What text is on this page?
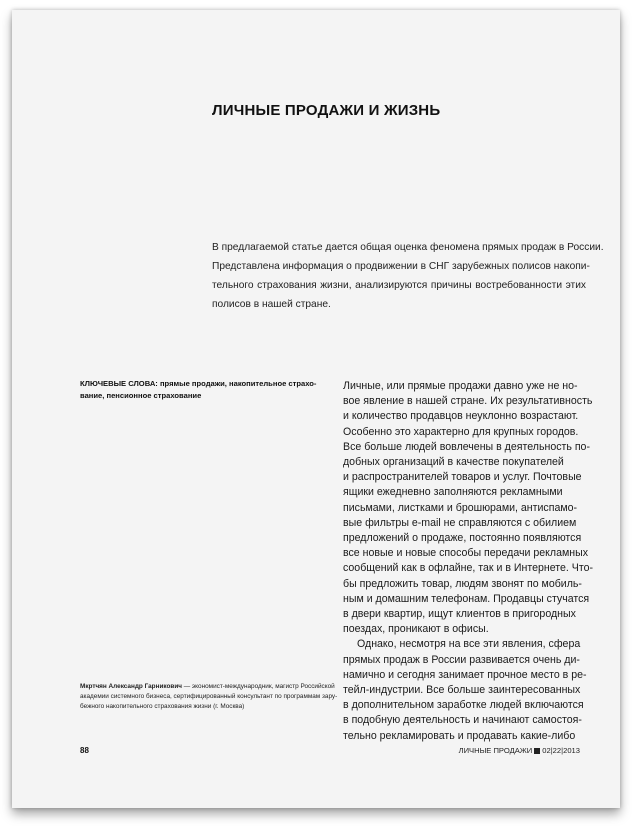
ЛИЧНЫЕ ПРОДАЖИ И ЖИЗНЬ
В предлагаемой статье дается общая оценка феномена прямых продаж в России.
Представлена информация о продвижении в СНГ зарубежных полисов накопи-
тельного страхования жизни, анализируются причины востребованности этих
полисов в нашей стране.
КЛЮЧЕВЫЕ СЛОВА: прямые продажи, накопительное страхо-
вание, пенсионное страхование
Личные, или прямые продажи давно уже не но-
вое явление в нашей стране. Их результативность
и количество продавцов неуклонно возрастают.
Особенно это характерно для крупных городов.
Все больше людей вовлечены в деятельность по-
добных организаций в качестве покупателей
и распространителей товаров и услуг. Почтовые
ящики ежедневно заполняются рекламными
письмами, листками и брошюрами, антиспамо-
вые фильтры e-mail не справляются с обилием
предложений о продаже, постоянно появляются
все новые и новые способы передачи рекламных
сообщений как в офлайне, так и в Интернете. Что-
бы предложить товар, людям звонят по мобиль-
ным и домашним телефонам. Продавцы стучатся
в двери квартир, ищут клиентов в пригородных
поездах, проникают в офисы.
Однако, несмотря на все эти явления, сфера
прямых продаж в России развивается очень ди-
намично и сегодня занимает прочное место в ре-
тейл-индустрии. Все больше заинтересованных
в дополнительном заработке людей включаются
в подобную деятельность и начинают самостоя-
тельно рекламировать и продавать какие-либо
Мкртчян Александр Гарникович — экономист-международник, магистр Российской
академии системного бизнеса, сертифицированный консультант по программам зару-
бежного накопительного страхования жизни (г. Москва)
88	ЛИЧНЫЕ ПРОДАЖИ 02|22|2013
